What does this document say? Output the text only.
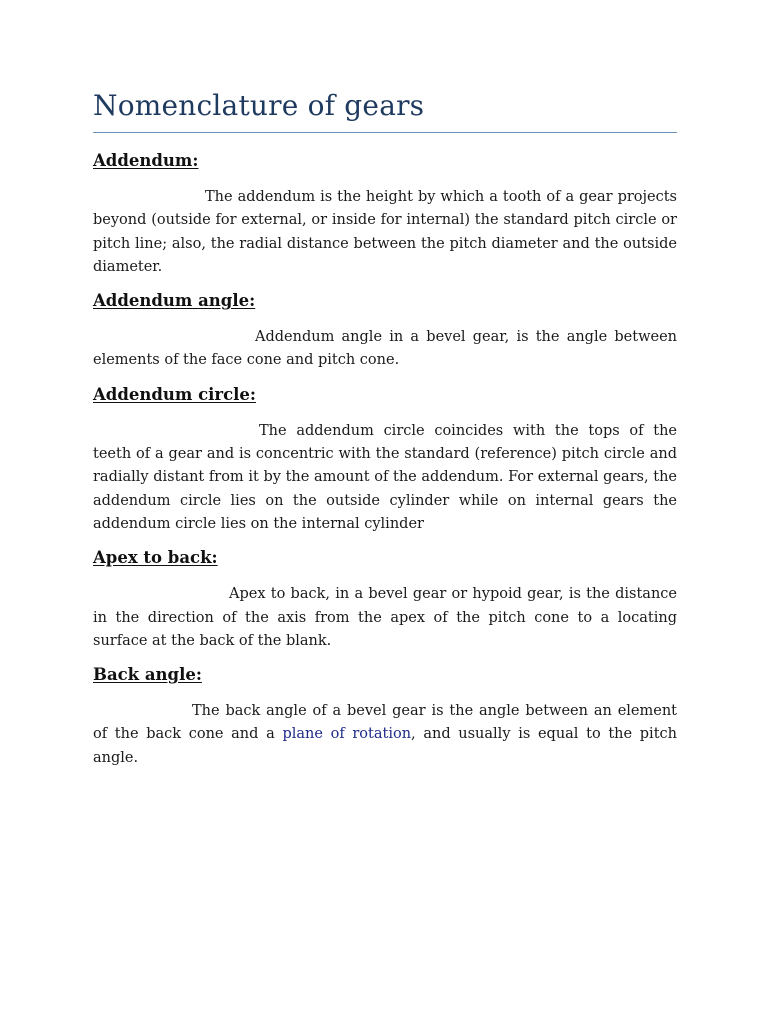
Nomenclature of gears
Addendum:

The addendum is the height by which a tooth of a gear projects beyond (outside for external, or inside for internal) the standard pitch circle or pitch line; also, the radial distance between the pitch diameter and the outside diameter.

Addendum angle:

Addendum angle in a bevel gear, is the angle between elements of the face cone and pitch cone.

Addendum circle:

The addendum circle coincides with the tops of the teeth of a gear and is concentric with the standard (reference) pitch circle and radially distant from it by the amount of the addendum. For external gears, the addendum circle lies on the outside cylinder while on internal gears the addendum circle lies on the internal cylinder

Apex to back:

Apex to back, in a bevel gear or hypoid gear, is the distance in the direction of the axis from the apex of the pitch cone to a locating surface at the back of the blank.

Back angle:

The back angle of a bevel gear is the angle between an element of the back cone and a plane of rotation, and usually is equal to the pitch angle.
